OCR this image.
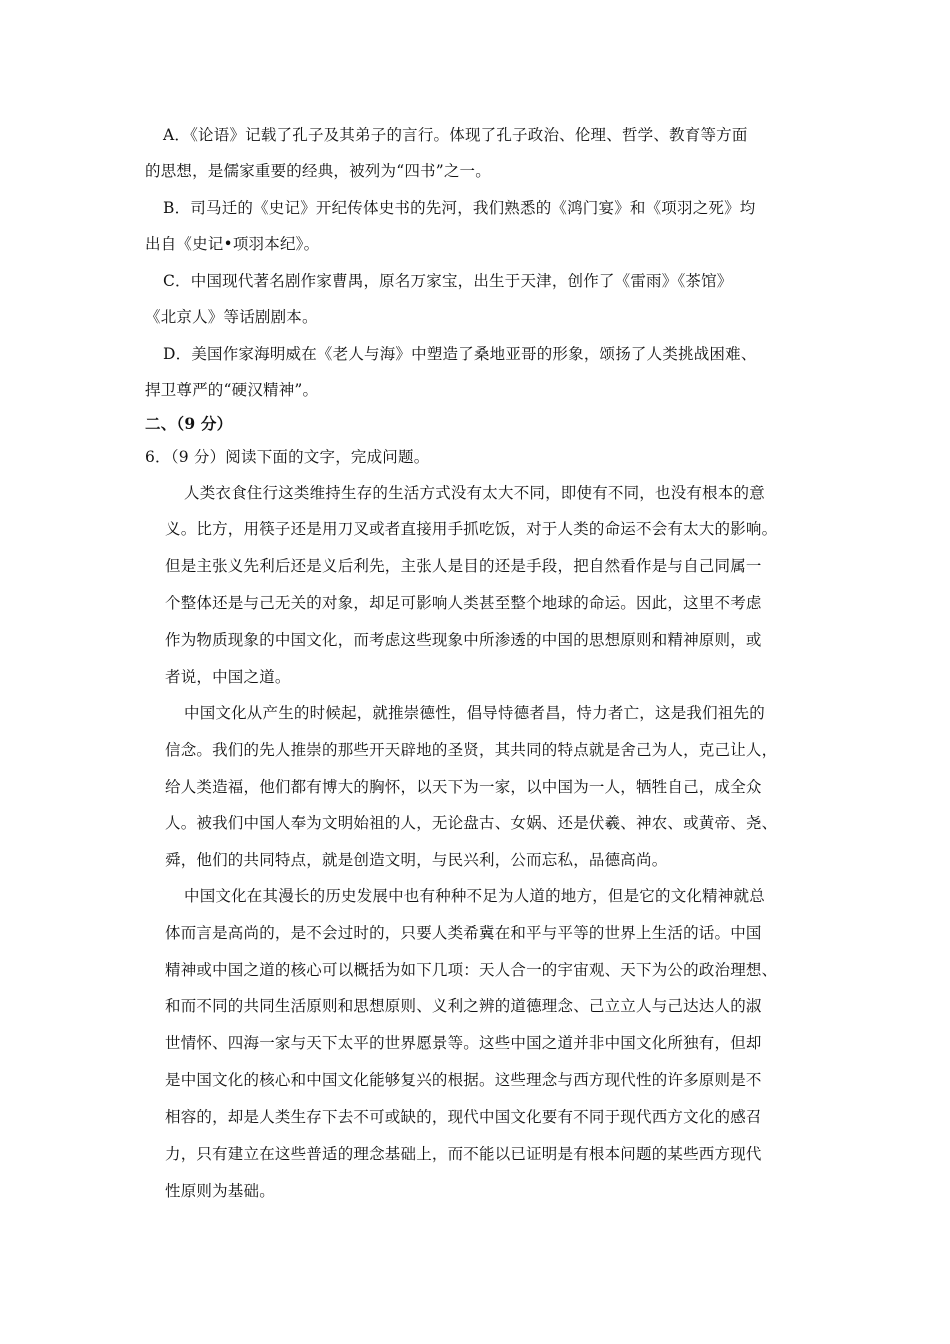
A．《论语》记载了孔子及其弟子的言行。体现了孔子政治、伦理、哲学、教育等方面
的思想，是儒家重要的经典，被列为“四书”之一。
B．司马迁的《史记》开纪传体史书的先河，我们熟悉的《鸿门宴》和《项羽之死》均
出自《史记•项羽本纪》。
C．中国现代著名剧作家曹禺，原名万家宝，出生于天津，创作了《雷雨》《茶馆》
《北京人》等话剧剧本。
D．美国作家海明威在《老人与海》中塑造了桑地亚哥的形象，颂扬了人类挑战困难、
捍卫尊严的“硬汉精神”。
二、（9 分）
6．（9 分）阅读下面的文字，完成问题。
人类衣食住行这类维持生存的生活方式没有太大不同，即使有不同，也没有根本的意
义。比方，用筷子还是用刀叉或者直接用手抓吃饭，对于人类的命运不会有太大的影响。
但是主张义先利后还是义后利先，主张人是目的还是手段，把自然看作是与自己同属一
个整体还是与己无关的对象，却足可影响人类甚至整个地球的命运。因此，这里不考虑
作为物质现象的中国文化，而考虑这些现象中所渗透的中国的思想原则和精神原则，或
者说，中国之道。
中国文化从产生的时候起，就推崇德性，倡导恃德者昌，恃力者亡，这是我们祖先的
信念。我们的先人推崇的那些开天辟地的圣贤，其共同的特点就是舍己为人，克己让人，
给人类造福，他们都有博大的胸怀，以天下为一家，以中国为一人，牺牲自己，成全众
人。被我们中国人奉为文明始祖的人，无论盘古、女娲、还是伏羲、神农、或黄帝、尧、
舜，他们的共同特点，就是创造文明，与民兴利，公而忘私，品德高尚。
中国文化在其漫长的历史发展中也有种种不足为人道的地方，但是它的文化精神就总
体而言是高尚的，是不会过时的，只要人类希冀在和平与平等的世界上生活的话。中国
精神或中国之道的核心可以概括为如下几项：天人合一的宇宙观、天下为公的政治理想、
和而不同的共同生活原则和思想原则、义利之辨的道德理念、己立立人与己达达人的淑
世情怀、四海一家与天下太平的世界愿景等。这些中国之道并非中国文化所独有，但却
是中国文化的核心和中国文化能够复兴的根据。这些理念与西方现代性的许多原则是不
相容的，却是人类生存下去不可或缺的，现代中国文化要有不同于现代西方文化的感召
力，只有建立在这些普适的理念基础上，而不能以已证明是有根本问题的某些西方现代
性原则为基础。
